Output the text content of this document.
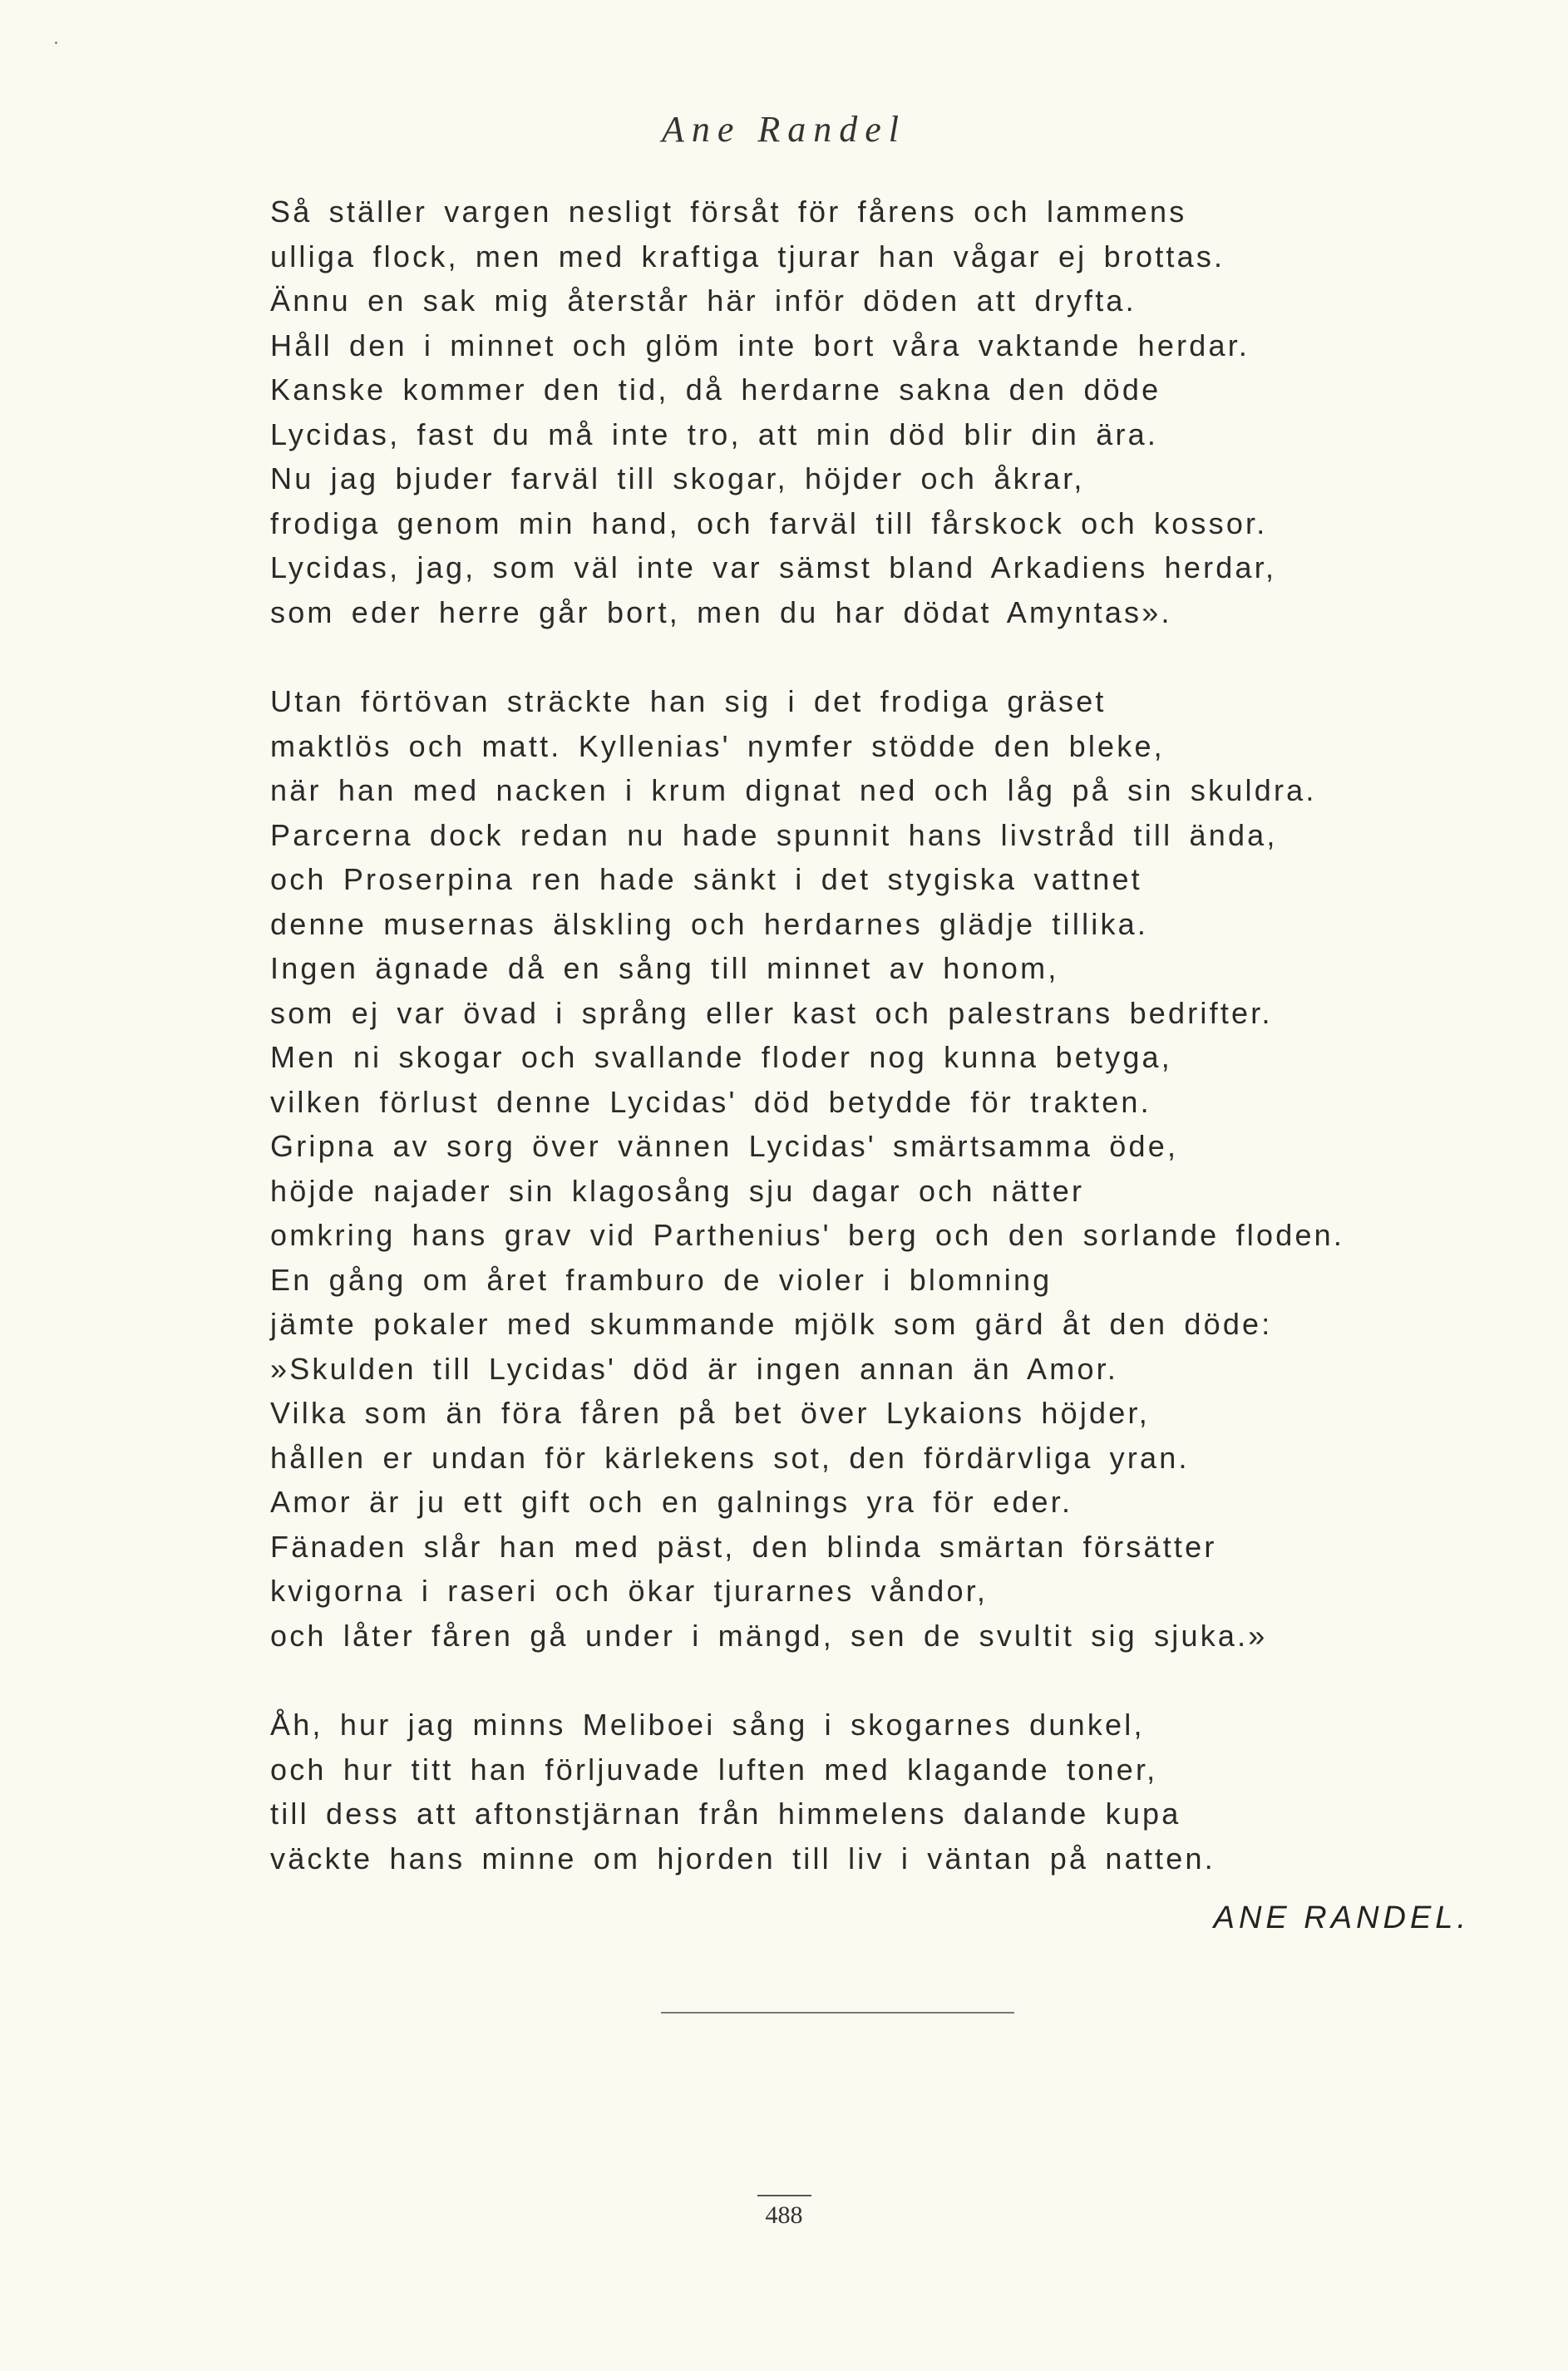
Ane Randel
Så ställer vargen nesligt försåt för fårens och lammens
ulliga flock, men med kraftiga tjurar han vågar ej brottas.
Ännu en sak mig återstår här inför döden att dryfta.
Håll den i minnet och glöm inte bort våra vaktande herdar.
Kanske kommer den tid, då herdarne sakna den döde
Lycidas, fast du må inte tro, att min död blir din ära.
Nu jag bjuder farväl till skogar, höjder och åkrar,
frodiga genom min hand, och farväl till fårskock och kossor.
Lycidas, jag, som väl inte var sämst bland Arkadiens herdar,
som eder herre går bort, men du har dödat Amyntas».
Utan förtövan sträckte han sig i det frodiga gräset
maktlös och matt. Kyllenias' nymfer stödde den bleke,
när han med nacken i krum dignat ned och låg på sin skuldra.
Parcerna dock redan nu hade spunnit hans livstråd till ända,
och Proserpina ren hade sänkt i det stygiska vattnet
denne musernas älskling och herdarnes glädje tillika.
Ingen ägnade då en sång till minnet av honom,
som ej var övad i språng eller kast och palestrans bedrifter.
Men ni skogar och svallande floder nog kunna betyga,
vilken förlust denne Lycidas' död betydde för trakten.
Gripna av sorg över vännen Lycidas' smärtsamma öde,
höjde najader sin klagosång sju dagar och nätter
omkring hans grav vid Parthenius' berg och den sorlande floden.
En gång om året framburo de violer i blomning
jämte pokaler med skummande mjölk som gärd åt den döde:
»Skulden till Lycidas' död är ingen annan än Amor.
Vilka som än föra fåren på bet över Lykaions höjder,
hållen er undan för kärlekens sot, den fördärvliga yran.
Amor är ju ett gift och en galnings yra för eder.
Fänaden slår han med päst, den blinda smärtan försätter
kvigorna i raseri och ökar tjurarnes våndor,
och låter fåren gå under i mängd, sen de svultit sig sjuka.»
Åh, hur jag minns Meliboei sång i skogarnes dunkel,
och hur titt han förljuvade luften med klagande toner,
till dess att aftonstjärnan från himmelens dalande kupa
väckte hans minne om hjorden till liv i väntan på natten.
ANE RANDEL.
488
